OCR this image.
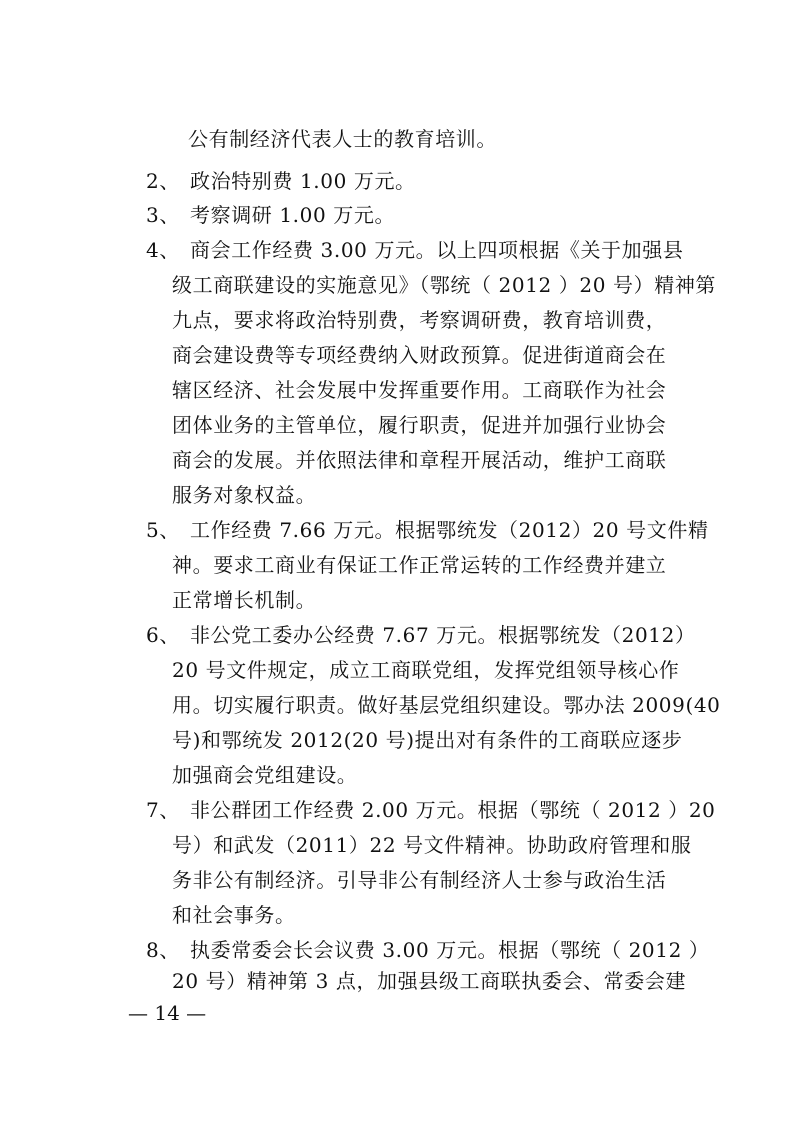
公有制经济代表人士的教育培训。
2、 政治特别费 1.00 万元。
3、 考察调研 1.00 万元。
4、 商会工作经费 3.00 万元。以上四项根据《关于加强县
级工商联建设的实施意见》（鄂统（ 2012 ）20 号）精神第
九点，要求将政治特别费，考察调研费，教育培训费，
商会建设费等专项经费纳入财政预算。促进街道商会在
辖区经济、社会发展中发挥重要作用。工商联作为社会
团体业务的主管单位，履行职责，促进并加强行业协会
商会的发展。并依照法律和章程开展活动，维护工商联
服务对象权益。
5、 工作经费 7.66 万元。根据鄂统发（2012）20 号文件精
神。要求工商业有保证工作正常运转的工作经费并建立
正常增长机制。
6、 非公党工委办公经费 7.67 万元。根据鄂统发（2012）
20 号文件规定，成立工商联党组，发挥党组领导核心作
用。切实履行职责。做好基层党组织建设。鄂办法 2009(40
号)和鄂统发 2012(20 号)提出对有条件的工商联应逐步
加强商会党组建设。
7、 非公群团工作经费 2.00 万元。根据（鄂统（ 2012 ）20
号）和武发（2011）22 号文件精神。协助政府管理和服
务非公有制经济。引导非公有制经济人士参与政治生活
和社会事务。
8、 执委常委会长会议费 3.00 万元。根据（鄂统（ 2012 ）
20 号）精神第 3 点，加强县级工商联执委会、常委会建
— 14 —
